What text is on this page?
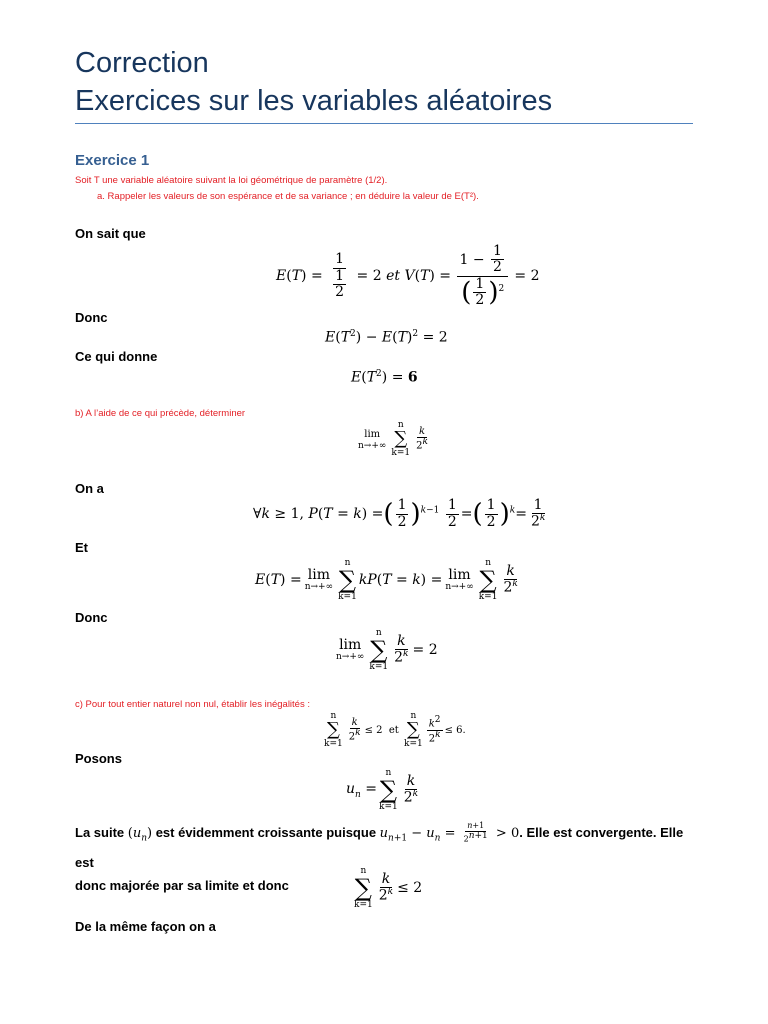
Correction
Exercices sur les variables aléatoires
Exercice 1
Soit T une variable aléatoire suivant la loi géométrique de paramètre (1/2).
a. Rappeler les valeurs de son espérance et de sa variance ; en déduire la valeur de E(T²).
On sait que
$E(T) = \frac{1}{\frac{1}{2}} = 2$ et $V(T) = \frac{1 - \frac{1}{2}}{( \frac{1}{2} )^2} = 2$
Donc
$E(T^2) - E(T)^2 = 2$
Ce qui donne
$E(T^2) = 6$
b) A l’aide de ce qui précède, déterminer
lim
n→+∞
n
∑
k=1
$\frac{k}{2^k}$
On a
∀k ≥ 1, P(T = k) =( $\frac{1}{2} )^{k-1} \frac{1}{2}$ =( $\frac{1}{2} )^k= \frac{1}{2^k}$
Et
E(T) = lim
n→+∞
n
∑
k=1
kP(T = k) = lim
n→+∞
n
∑
k=1
$\frac{k}{2^k}$
Donc
lim
n→+∞
n
∑
k=1
$\frac{k}{2^k} = 2$
c) Pour tout entier naturel non nul, établir les inégalités :
n
∑
k=1
$\frac{k}{2^k} \le 2$  et
n
∑
k=1
$\frac{k^2}{2^k} \le 6$.
Posons
$u_n$ =
n
∑
k=1
$\frac{k}{2^k}$
La suite $(u_n)$ est évidemment croissante puisque $u_{n+1} - u_n = \frac{n+1}{2^{n+1}} > 0$. Elle est convergente. Elle est
donc majorée par sa limite et donc
n
∑
k=1
$\frac{k}{2^k} \le 2$
De la même façon on a
